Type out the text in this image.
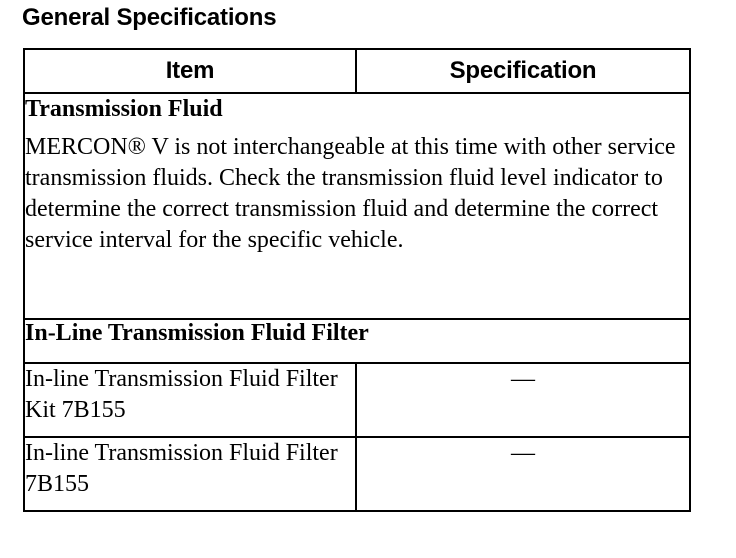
General Specifications
Item	Specification

Transmission Fluid
MERCON® V is not interchangeable at this time with other service transmission fluids. Check the transmission fluid level indicator to determine the correct transmission fluid and determine the correct service interval for the specific vehicle.	

In-Line Transmission Fluid Filter	
In-line Transmission Fluid Filter Kit 7B155	—
In-line Transmission Fluid Filter 7B155	—
